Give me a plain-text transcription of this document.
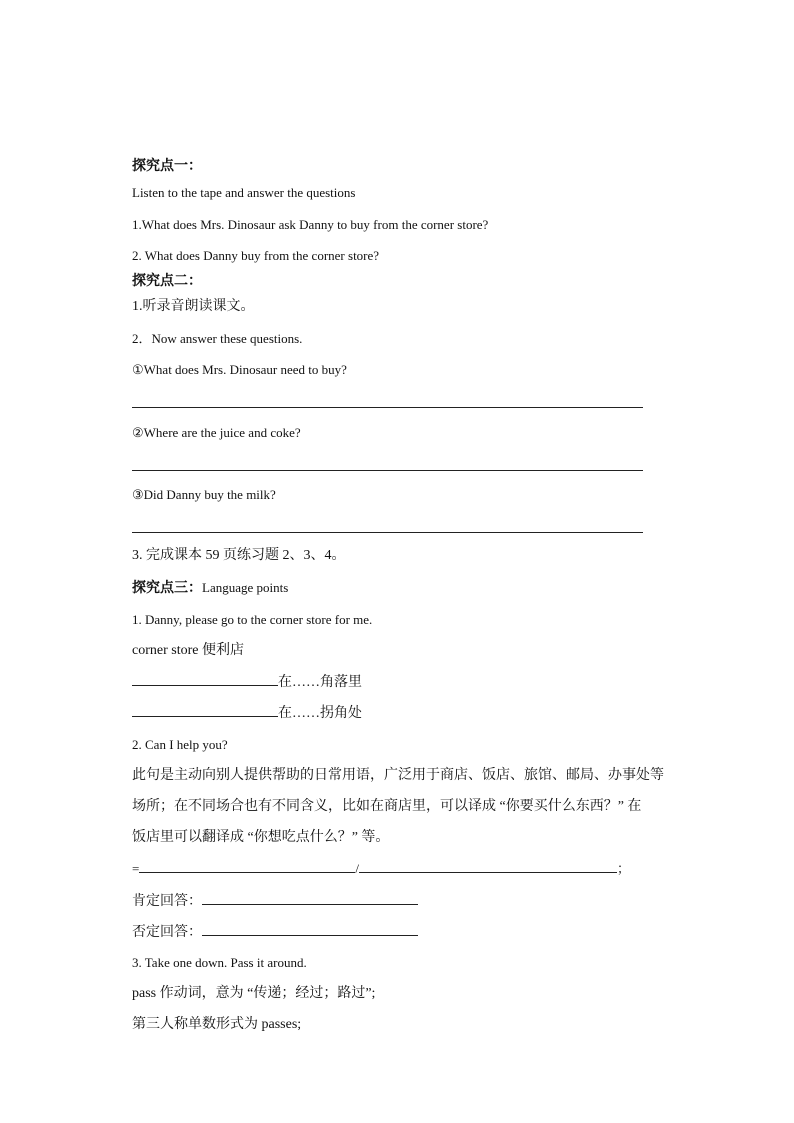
探究点一：
Listen to the tape and answer the questions
1.What does Mrs. Dinosaur ask Danny to buy from the corner store?
2. What does Danny buy from the corner store?
探究点二：
1.听录音朗读课文。
2．Now answer these questions.
①What does Mrs. Dinosaur need to buy?
②Where are the juice and coke?
③Did Danny buy the milk?
3. 完成课本 59 页练习题 2、3、4。
探究点三：Language points
1. Danny, please go to the corner store for me.
corner store 便利店
在……角落里
在……拐角处
2. Can I help you?
此句是主动向别人提供帮助的日常用语，广泛用于商店、饭店、旅馆、邮局、办事处等
场所；在不同场合也有不同含义，比如在商店里，可以译成 “你要买什么东西？” 在
饭店里可以翻译成 “你想吃点什么？” 等。
=	/	；
肯定回答：
否定回答：
3. Take one down. Pass it around.
pass 作动词，意为 “传递；经过；路过”;
第三人称单数形式为 passes;
